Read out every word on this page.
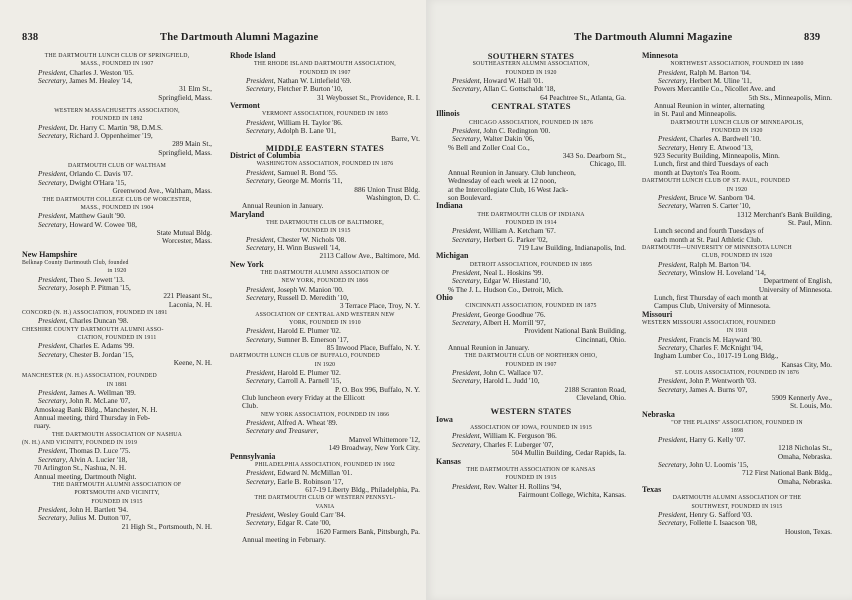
838	The Dartmouth Alumni Magazine
THE DARTMOUTH LUNCH CLUB OF SPRINGFIELD,
MASS., FOUNDED IN 1907
President, Charles J. Weston '05.
Secretary, James M. Healey '14,
31 Elm St.,
Springfield, Mass.
WESTERN MASSACHUSETTS ASSOCIATION,
FOUNDED IN 1892
President, Dr. Harry C. Martin '98, D.M.S.
Secretary, Richard J. Oppenheimer '19,
289 Main St.,
Springfield, Mass.
DARTMOUTH CLUB OF WALTHAM
President, Orlando C. Davis '07.
Secretary, Dwight O'Hara '15,
Greenwood Ave., Waltham, Mass.
THE DARTMOUTH COLLEGE CLUB OF WORCESTER,
MASS., FOUNDED IN 1904
President, Matthew Gault '90.
Secretary, Howard W. Cowee '08,
State Mutual Bldg.
Worcester, Mass.
New Hampshire
Belknap County Dartmouth Club, founded
in 1920
President, Theo S. Jewett '13.
Secretary, Joseph P. Pitman '15,
221 Pleasant St.,
Laconia, N. H.
CONCORD (N. H.) ASSOCIATION, FOUNDED IN 1891
President, Charles Duncan '98.
CHESHIRE COUNTY DARTMOUTH ALUMNI ASSO-
CIATION, FOUNDED IN 1911
President, Charles E. Adams '99.
Secretary, Chester B. Jordan '15,
Keene, N. H.
MANCHESTER (N. H.) ASSOCIATION, FOUNDED
IN 1881
President, James A. Wellman '89.
Secretary, John R. McLane '07,
Amoskeag Bank Bldg., Manchester, N. H.
Annual meeting, third Thursday in Feb-
ruary.
THE DARTMOUTH ASSOCIATION OF NASHUA
(N. H.) AND VICINITY, FOUNDED IN 1919
President, Thomas D. Luce '75.
Secretary, Alvin A. Lucier '18,
70 Arlington St., Nashua, N. H.
Annual meeting, Dartmouth Night.
THE DARTMOUTH ALUMNI ASSOCIATION OF
PORTSMOUTH AND VICINITY,
FOUNDED IN 1915
President, John H. Bartlett '94.
Secretary, Julius M. Dutton '07,
21 High St., Portsmouth, N. H.
Rhode Island
THE RHODE ISLAND DARTMOUTH ASSOCIATION,
FOUNDED IN 1907
President, Nathan W. Littlefield '69.
Secretary, Fletcher P. Burton '10,
31 Weybosset St., Providence, R. I.
Vermont
VERMONT ASSOCIATION, FOUNDED IN 1893
President, William H. Taylor '86.
Secretary, Adolph B. Lane '01,
Barre, Vt.
MIDDLE EASTERN STATES
District of Columbia
WASHINGTON ASSOCIATION, FOUNDED IN 1876
President, Samuel R. Bond '55.
Secretary, George M. Morris '11,
886 Union Trust Bldg.
Washington, D. C.
Annual Reunion in January.
Maryland
THE DARTMOUTH CLUB OF BALTIMORE,
FOUNDED IN 1915
President, Chester W. Nichols '08.
Secretary, H. Winn Buswell '14,
2113 Callow Ave., Baltimore, Md.
New York
THE DARTMOUTH ALUMNI ASSOCIATION OF
NEW YORK, FOUNDED IN 1866
President, Joseph W. Manion '00.
Secretary, Russell D. Meredith '10,
3 Terrace Place, Troy, N. Y.
ASSOCIATION OF CENTRAL AND WESTERN NEW
YORK, FOUNDED IN 1910
President, Harold E. Plumer '02.
Secretary, Sumner B. Emerson '17,
85 Inwood Place, Buffalo, N. Y.
DARTMOUTH LUNCH CLUB OF BUFFALO, FOUNDED
IN 1920
President, Harold E. Plumer '02.
Secretary, Carroll A. Parnell '15,
P. O. Box 996, Buffalo, N. Y.
Club luncheon every Friday at the Ellicott
Club.
NEW YORK ASSOCIATION, FOUNDED IN 1866
President, Alfred A. Wheat '89.
Secretary and Treasurer,
Manvel Whittemore '12,
149 Broadway, New York City.
Pennsylvania
PHILADELPHIA ASSOCIATION, FOUNDED IN 1902
President, Edward N. McMillan '01.
Secretary, Earle B. Robinson '17,
617-19 Liberty Bldg., Philadelphia, Pa.
THE DARTMOUTH CLUB OF WESTERN PENNSYL-
VANIA
President, Wesley Gould Carr '84.
Secretary, Edgar R. Cate '00,
1620 Farmers Bank, Pittsburgh, Pa.
Annual meeting in February.
The Dartmouth Alumni Magazine	839
SOUTHERN STATES
SOUTHEASTERN ALUMNI ASSOCIATION,
FOUNDED IN 1920
President, Howard W. Hall '01.
Secretary, Allan C. Gottschaldt '18,
64 Peachtree St., Atlanta, Ga.
CENTRAL STATES
Illinois
CHICAGO ASSOCIATION, FOUNDED IN 1876
President, John C. Redington '00.
Secretary, Walter Dakin '06,
% Bell and Zoller Coal Co.,
343 So. Dearborn St.,
Chicago, Ill.
Annual Reunion in January. Club luncheon,
Wednesday of each week at 12 noon,
at the Intercollegiate Club, 16 West Jack-
son Boulevard.
Indiana
THE DARTMOUTH CLUB OF INDIANA
FOUNDED IN 1914
President, William A. Ketcham '67.
Secretary, Herbert G. Parker '02,
719 Law Building, Indianapolis, Ind.
Michigan
DETROIT ASSOCIATION, FOUNDED IN 1895
President, Neal L. Hoskins '99.
Secretary, Edgar W. Hiestand '10,
% The J. L. Hudson Co., Detroit, Mich.
Ohio
CINCINNATI ASSOCIATION, FOUNDED IN 1875
President, George Goodhue '76.
Secretary, Albert H. Morrill '97,
Provident National Bank Building,
Cincinnati, Ohio.
Annual Reunion in January.
THE DARTMOUTH CLUB OF NORTHERN OHIO,
FOUNDED IN 1907
President, John C. Wallace '07.
Secretary, Harold L. Judd '10,
2188 Scranton Road,
Cleveland, Ohio.
WESTERN STATES
Iowa
ASSOCIATION OF IOWA, FOUNDED IN 1915
President, William K. Ferguson '86.
Secretary, Charles F. Luberger '07,
504 Mullin Building, Cedar Rapids, Ia.
Kansas
THE DARTMOUTH ASSOCIATION OF KANSAS
FOUNDED IN 1915
President, Rev. Walter H. Rollins '94,
Fairmount College, Wichita, Kansas.
Minnesota
NORTHWEST ASSOCIATION, FOUNDED IN 1880
President, Ralph M. Barton '04.
Secretary, Herbert M. Uline '11,
Powers Mercantile Co., Nicollet Ave. and
5th Sts., Minneapolis, Minn.
Annual Reunion in winter, alternating
in St. Paul and Minneapolis.
DARTMOUTH LUNCH CLUB OF MINNEAPOLIS,
FOUNDED IN 1920
President, Charles A. Bardwell '10.
Secretary, Henry E. Atwood '13,
923 Security Building, Minneapolis, Minn.
Lunch, first and third Tuesdays of each
month at Dayton's Tea Room.
DARTMOUTH LUNCH CLUB OF ST. PAUL, FOUNDED
IN 1920
President, Bruce W. Sanborn '04.
Secretary, Warren S. Carter '10,
1312 Merchant's Bank Building,
St. Paul, Minn.
Lunch second and fourth Tuesdays of
each month at St. Paul Athletic Club.
DARTMOUTH—UNIVERSITY OF MINNESOTA LUNCH
CLUB, FOUNDED IN 1920
President, Ralph M. Barton '04.
Secretary, Winslow H. Loveland '14,
Department of English,
University of Minnesota.
Lunch, first Thursday of each month at
Campus Club, University of Minnesota.
Missouri
WESTERN MISSOURI ASSOCIATION, FOUNDED
IN 1918
President, Francis M. Hayward '80.
Secretary, Charles F. McKnight '04,
Ingham Lumber Co., 1017-19 Long Bldg.,
Kansas City, Mo.
ST. LOUIS ASSOCIATION, FOUNDED IN 1876
President, John P. Wentworth '03.
Secretary, James A. Burns '07,
5909 Kennerly Ave.,
St. Louis, Mo.
Nebraska
"OF THE PLAINS" ASSOCIATION, FOUNDED IN
1898
President, Harry G. Kelly '07.
1218 Nicholas St.,
Omaha, Nebraska.
Secretary, John U. Loomis '15,
712 First National Bank Bldg.,
Omaha, Nebraska.
Texas
DARTMOUTH ALUMNI ASSOCIATION OF THE
SOUTHWEST, FOUNDED IN 1915
President, Henry G. Safford '03.
Secretary, Follette I. Isaacson '08,
Houston, Texas.
